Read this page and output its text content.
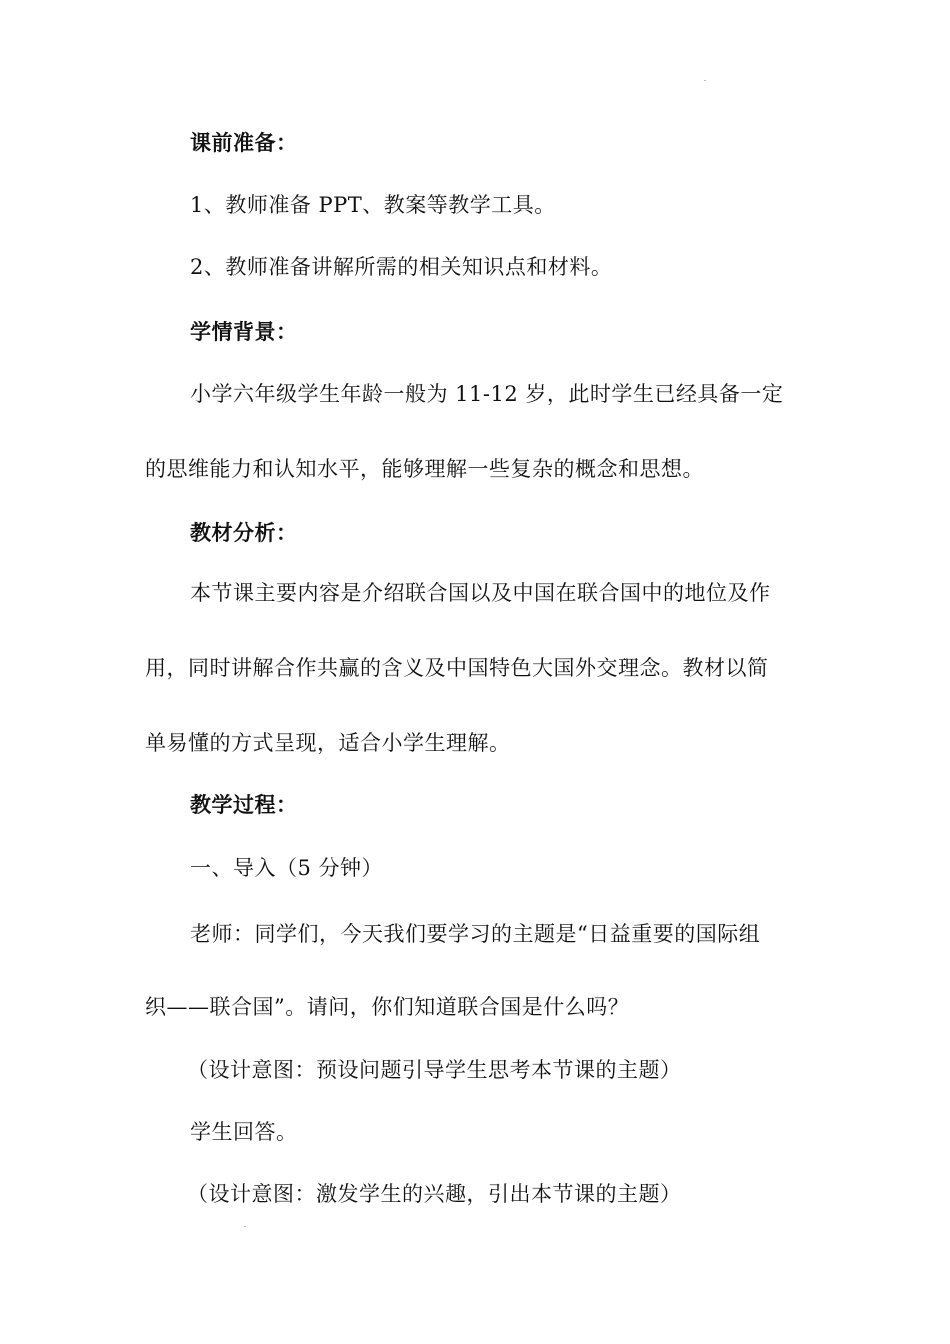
课前准备：
1、教师准备 PPT、教案等教学工具。
2、教师准备讲解所需的相关知识点和材料。
学情背景：
小学六年级学生年龄一般为 11-12 岁，此时学生已经具备一定
的思维能力和认知水平，能够理解一些复杂的概念和思想。
教材分析：
本节课主要内容是介绍联合国以及中国在联合国中的地位及作
用，同时讲解合作共赢的含义及中国特色大国外交理念。教材以简
单易懂的方式呈现，适合小学生理解。
教学过程：
一、导入（5 分钟）
老师：同学们，今天我们要学习的主题是“日益重要的国际组
织——联合国”。请问，你们知道联合国是什么吗？
（设计意图：预设问题引导学生思考本节课的主题）
学生回答。
（设计意图：激发学生的兴趣，引出本节课的主题）
